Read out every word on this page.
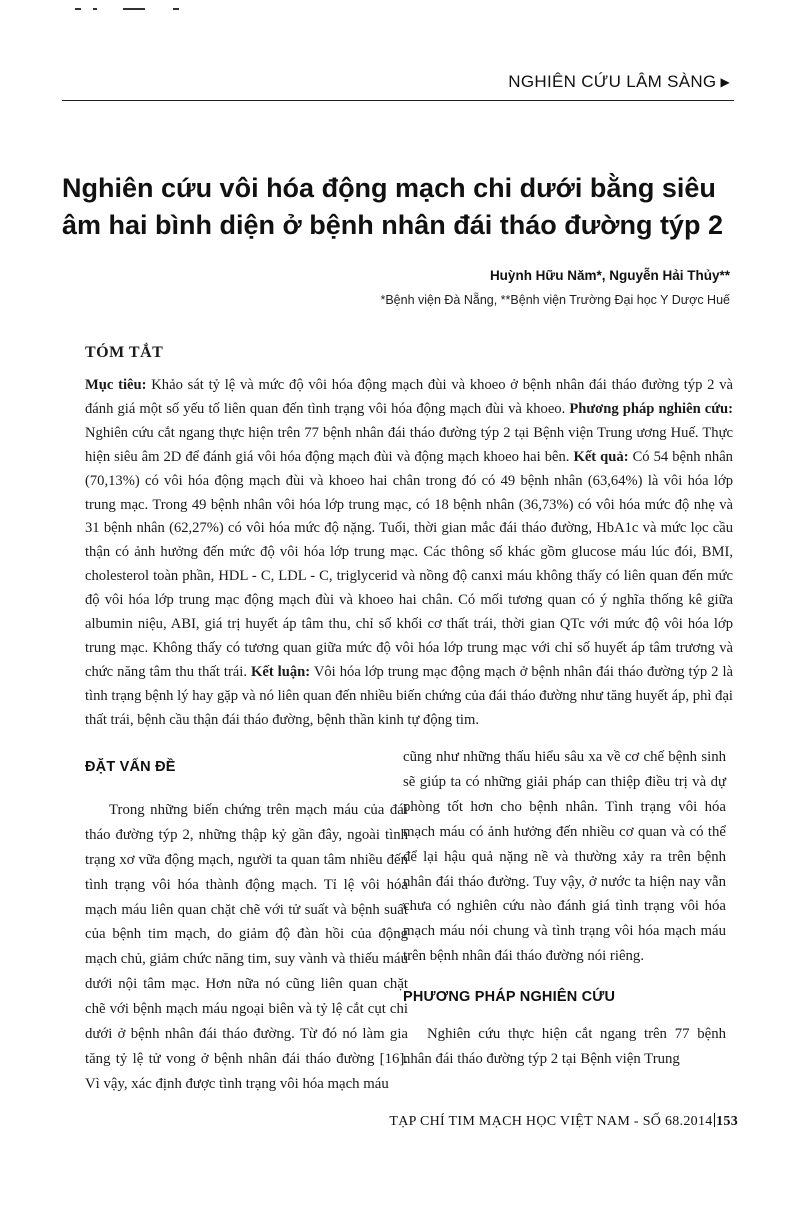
NGHIÊN CỨU LÂM SÀNG ▶
Nghiên cứu vôi hóa động mạch chi dưới bằng siêu âm hai bình diện ở bệnh nhân đái tháo đường týp 2
Huỳnh Hữu Năm*, Nguyễn Hải Thủy**
*Bệnh viện Đà Nẵng, **Bệnh viện Trường Đại học Y Dược Huế
TÓM TẮT

Mục tiêu: Khảo sát tỷ lệ và mức độ vôi hóa động mạch đùi và khoeo ở bệnh nhân đái tháo đường týp 2 và đánh giá một số yếu tố liên quan đến tình trạng vôi hóa động mạch đùi và khoeo. Phương pháp nghiên cứu: Nghiên cứu cắt ngang thực hiện trên 77 bệnh nhân đái tháo đường týp 2 tại Bệnh viện Trung ương Huế. Thực hiện siêu âm 2D để đánh giá vôi hóa động mạch đùi và động mạch khoeo hai bên. Kết quả: Có 54 bệnh nhân (70,13%) có vôi hóa động mạch đùi và khoeo hai chân trong đó có 49 bệnh nhân (63,64%) là vôi hóa lớp trung mạc. Trong 49 bệnh nhân vôi hóa lớp trung mạc, có 18 bệnh nhân (36,73%) có vôi hóa mức độ nhẹ và 31 bệnh nhân (62,27%) có vôi hóa mức độ nặng. Tuổi, thời gian mắc đái tháo đường, HbA1c và mức lọc cầu thận có ảnh hưởng đến mức độ vôi hóa lớp trung mạc. Các thông số khác gồm glucose máu lúc đói, BMI, cholesterol toàn phần, HDL - C, LDL - C, triglycerid và nồng độ canxi máu không thấy có liên quan đến mức độ vôi hóa lớp trung mạc động mạch đùi và khoeo hai chân. Có mối tương quan có ý nghĩa thống kê giữa albumin niệu, ABI, giá trị huyết áp tâm thu, chỉ số khối cơ thất trái, thời gian QTc với mức độ vôi hóa lớp trung mạc. Không thấy có tương quan giữa mức độ vôi hóa lớp trung mạc với chỉ số huyết áp tâm trương và chức năng tâm thu thất trái. Kết luận: Vôi hóa lớp trung mạc động mạch ở bệnh nhân đái tháo đường týp 2 là tình trạng bệnh lý hay gặp và nó liên quan đến nhiều biến chứng của đái tháo đường như tăng huyết áp, phì đại thất trái, bệnh cầu thận đái tháo đường, bệnh thần kinh tự động tim.

ĐẶT VẤN ĐỀ

Trong những biến chứng trên mạch máu của đái tháo đường týp 2, những thập kỷ gần đây, ngoài tình trạng xơ vữa động mạch, người ta quan tâm nhiều đến tình trạng vôi hóa thành động mạch. Tỉ lệ vôi hóa mạch máu liên quan chặt chẽ với tử suất và bệnh suất của bệnh tim mạch, do giảm độ đàn hồi của động mạch chủ, giảm chức năng tim, suy vành và thiếu máu dưới nội tâm mạc. Hơn nữa nó cũng liên quan chặt chẽ với bệnh mạch máu ngoại biên và tỷ lệ cắt cụt chi dưới ở bệnh nhân đái tháo đường. Từ đó nó làm gia tăng tỷ lệ tử vong ở bệnh nhân đái tháo đường [16]. Vì vậy, xác định được tình trạng vôi hóa mạch máu

cũng như những thấu hiểu sâu xa về cơ chế bệnh sinh sẽ giúp ta có những giải pháp can thiệp điều trị và dự phòng tốt hơn cho bệnh nhân. Tình trạng vôi hóa mạch máu có ảnh hưởng đến nhiều cơ quan và có thể để lại hậu quả nặng nề và thường xảy ra trên bệnh nhân đái tháo đường. Tuy vậy, ở nước ta hiện nay vẫn chưa có nghiên cứu nào đánh giá tình trạng vôi hóa mạch máu nói chung và tình trạng vôi hóa mạch máu trên bệnh nhân đái tháo đường nói riêng.

PHƯƠNG PHÁP NGHIÊN CỨU

Nghiên cứu thực hiện cắt ngang trên 77 bệnh nhân đái tháo đường týp 2 tại Bệnh viện Trung

TẠP CHÍ TIM MẠCH HỌC VIỆT NAM - SỐ 68.2014 153
